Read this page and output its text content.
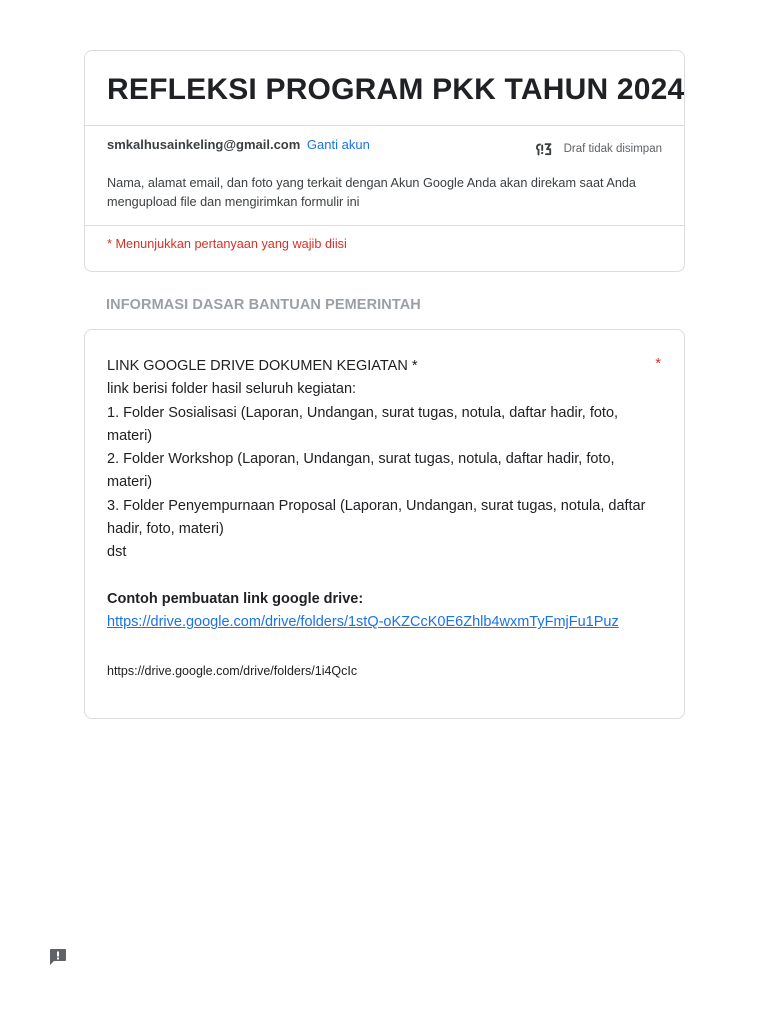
REFLEKSI PROGRAM PKK TAHUN 2024
smkalhusainkeling@gmail.com Ganti akun	Draf tidak disimpan
Nama, alamat email, dan foto yang terkait dengan Akun Google Anda akan direkam saat Anda mengupload file dan mengirimkan formulir ini
* Menunjukkan pertanyaan yang wajib diisi
INFORMASI DASAR BANTUAN PEMERINTAH
LINK GOOGLE DRIVE DOKUMEN KEGIATAN *
link berisi folder hasil seluruh kegiatan:
1. Folder Sosialisasi (Laporan, Undangan, surat tugas, notula, daftar hadir, foto, materi)
2. Folder Workshop (Laporan, Undangan, surat tugas, notula, daftar hadir, foto, materi)
3. Folder Penyempurnaan Proposal (Laporan, Undangan, surat tugas, notula, daftar hadir, foto, materi)
dst
Contoh pembuatan link google drive:
https://drive.google.com/drive/folders/1stQ-oKZCcK0E6Zhlb4wxmTyFmjFu1Puz
*
https://drive.google.com/drive/folders/1i4QcIc
